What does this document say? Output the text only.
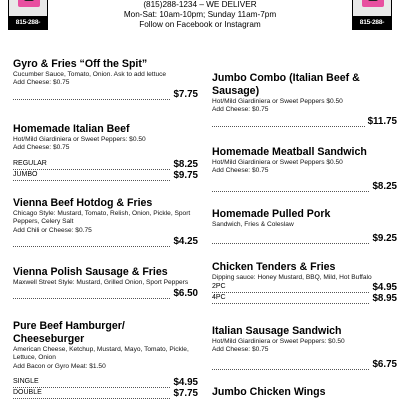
815-288-1234
815-288-1234
(815)288-1234 – WE DELIVER
Mon-Sat: 10am-10pm; Sunday 11am-7pm
Follow on Facebook or Instagram
Gyro & Fries “Off the Spit”
Cucumber Sauce, Tomato, Onion. Ask to add lettuce
Add Cheese: $0.75
$7.75
Homemade Italian Beef
Hot/Mild Giardiniera or Sweet Peppers: $0.50
Add Cheese: $0.75
REGULAR	$8.25
JUMBO	$9.75
Vienna Beef Hotdog & Fries
Chicago Style: Mustard, Tomato, Relish, Onion, Pickle, Sport Peppers, Celery Salt
Add Chili or Cheese: $0.75
$4.25
Vienna Polish Sausage & Fries
Maxwell Street Style: Mustard, Grilled Onion, Sport Peppers
$6.50
Pure Beef Hamburger/ Cheeseburger
American Cheese, Ketchup, Mustard, Mayo, Tomato, Pickle, Lettuce, Onion
Add Bacon or Gyro Meat: $1.50
SINGLE	$4.95
DOUBLE	$7.75
Jumbo Combo (Italian Beef & Sausage)
Hot/Mild Giardiniera or Sweet Peppers $0.50
Add Cheese: $0.75
$11.75
Homemade Meatball Sandwich
Hot/Mild Giardiniera or Sweet Peppers $0.50
Add Cheese: $0.75
$8.25
Homemade Pulled Pork
Sandwich, Fries & Coleslaw
$9.25
Chicken Tenders & Fries
Dipping sauce: Honey Mustard, BBQ, Mild, Hot Buffalo
2PC	$4.95
4PC	$8.95
Italian Sausage Sandwich
Hot/Mild Giardiniera or Sweet Peppers: $0.50
Add Cheese: $0.75
$6.75
Jumbo Chicken Wings
